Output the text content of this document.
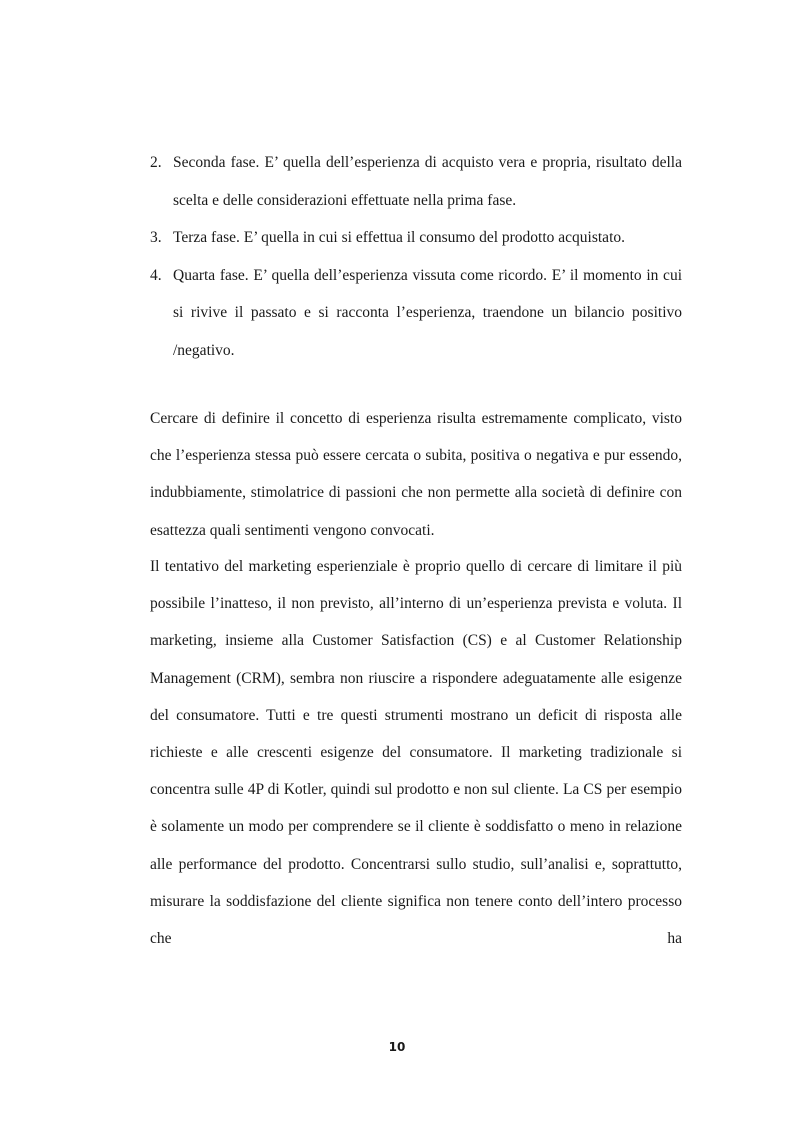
2. Seconda fase. E’ quella dell’esperienza di acquisto vera e propria, risultato della scelta e delle considerazioni effettuate nella prima fase.
3. Terza fase. E’ quella in cui si effettua il consumo del prodotto acquistato.
4. Quarta fase. E’ quella dell’esperienza vissuta come ricordo. E’ il momento in cui si rivive il passato e si racconta l’esperienza, traendone un bilancio positivo /negativo.

Cercare di definire il concetto di esperienza risulta estremamente complicato, visto che l’esperienza stessa può essere cercata o subita, positiva o negativa e pur essendo, indubbiamente, stimolatrice di passioni che non permette alla società di definire con esattezza quali sentimenti vengono convocati.

Il tentativo del marketing esperienziale è proprio quello di cercare di limitare il più possibile l’inatteso, il non previsto, all’interno di un’esperienza prevista e voluta. Il marketing, insieme alla Customer Satisfaction (CS) e al Customer Relationship Management (CRM), sembra non riuscire a rispondere adeguatamente alle esigenze del consumatore. Tutti e tre questi strumenti mostrano un deficit di risposta alle richieste e alle crescenti esigenze del consumatore. Il marketing tradizionale si concentra sulle 4P di Kotler, quindi sul prodotto e non sul cliente. La CS per esempio è solamente un modo per comprendere se il cliente è soddisfatto o meno in relazione alle performance del prodotto. Concentrarsi sullo studio, sull’analisi e, soprattutto, misurare la soddisfazione del cliente significa non tenere conto dell’intero processo che ha

10
